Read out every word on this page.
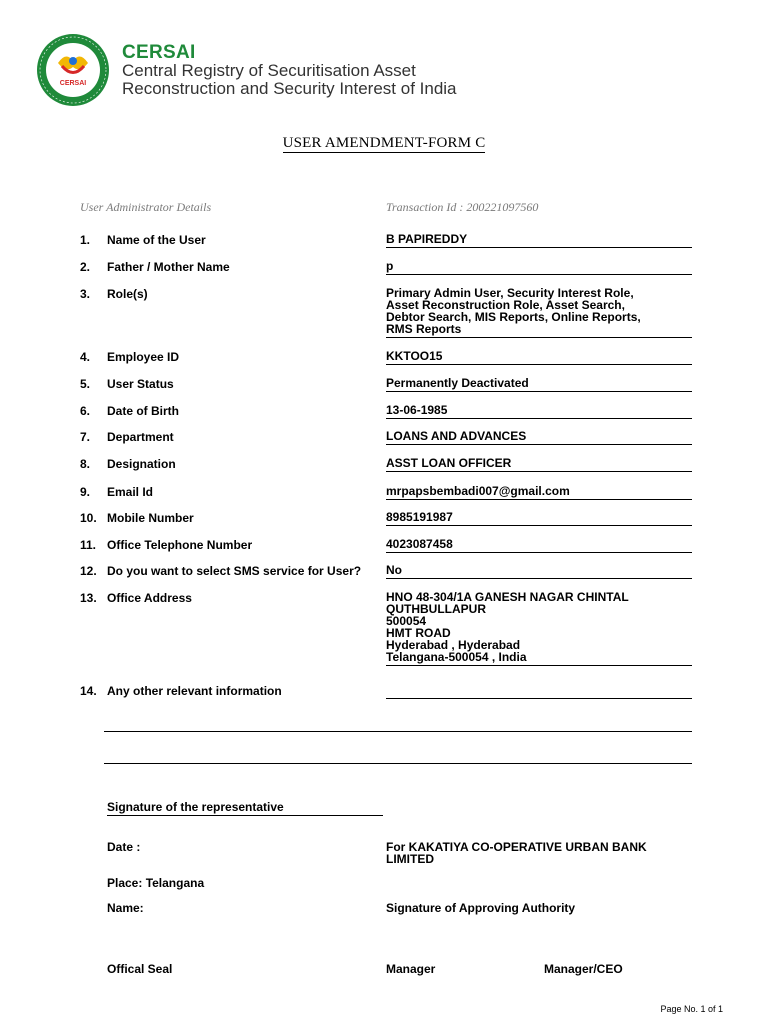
CERSAI
CERSAI
Central Registry of Securitisation Asset
Reconstruction and Security Interest of India
USER AMENDMENT-FORM C
User Administrator Details	Transaction Id : 200221097560
1. Name of the User	B PAPIREDDY
2. Father / Mother Name	p
3. Role(s)	Primary Admin User, Security Interest Role,
Asset Reconstruction Role, Asset Search,
Debtor Search, MIS Reports, Online Reports,
RMS Reports
4. Employee ID	KKTOO15
5. User Status	Permanently Deactivated
6. Date of Birth	13-06-1985
7. Department	LOANS AND ADVANCES
8. Designation	ASST LOAN OFFICER
9. Email Id	mrpapsbembadi007@gmail.com
10. Mobile Number	8985191987
11. Office Telephone Number	4023087458
12. Do you want to select SMS service for User? No
13. Office Address	HNO 48-304/1A GANESH NAGAR CHINTAL
QUTHBULLAPUR
500054
HMT ROAD
Hyderabad , Hyderabad
Telangana-500054 , India
14. Any other relevant information
Signature of the representative
Date :	For KAKATIYA CO-OPERATIVE URBAN BANK
LIMITED
Place: Telangana
Name:	Signature of Approving Authority
Offical Seal	Manager	Manager/CEO
Page No. 1 of 1
